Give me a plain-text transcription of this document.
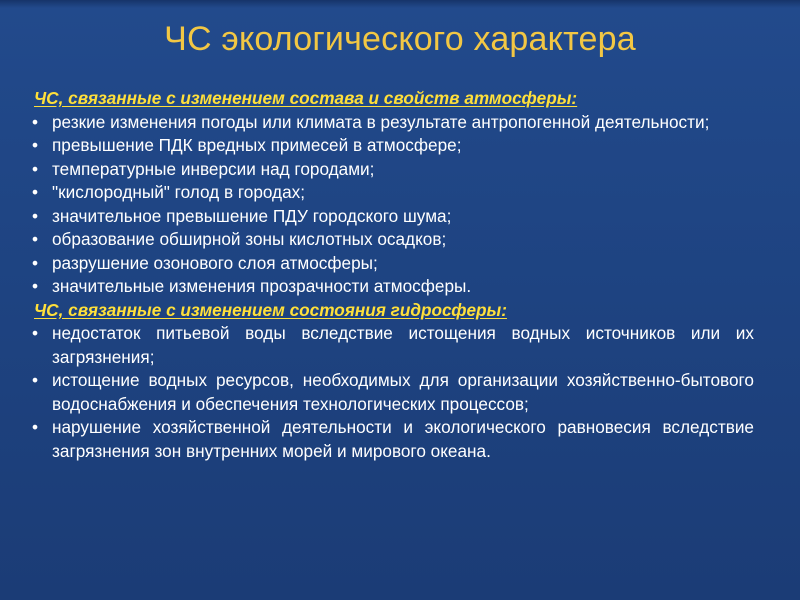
ЧС экологического характера
ЧС, связанные с изменением состава и свойств атмосферы:
• резкие изменения погоды или климата в результате антропогенной деятельности;
• превышение ПДК вредных примесей в атмосфере;
• температурные инверсии над городами;
• "кислородный" голод в городах;
• значительное превышение ПДУ городского шума;
• образование обширной зоны кислотных осадков;
• разрушение озонового слоя атмосферы;
• значительные изменения прозрачности атмосферы.
ЧС, связанные с изменением состояния гидросферы:
• недостаток питьевой воды вследствие истощения водных источников или их загрязнения;
• истощение водных ресурсов, необходимых для организации хозяйственно-бытового водоснабжения и обеспечения технологических процессов;
• нарушение хозяйственной деятельности и экологического равновесия вследствие загрязнения зон внутренних морей и мирового океана.
